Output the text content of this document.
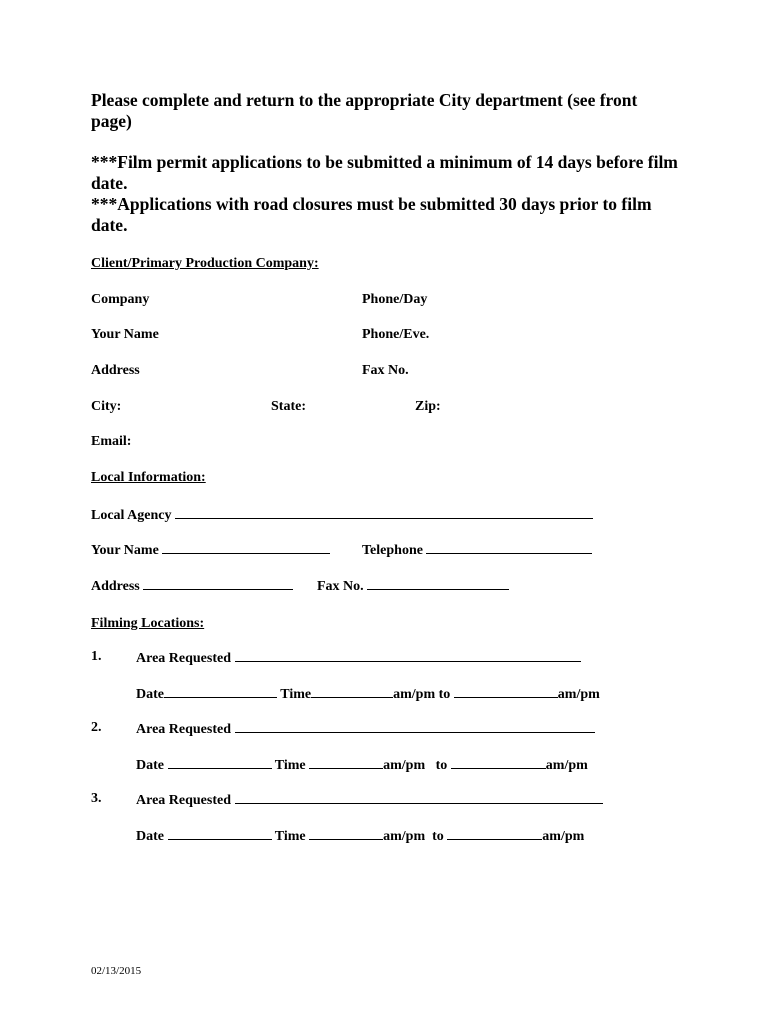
Please complete and return to the appropriate City department (see front page)
***Film permit applications to be submitted a minimum of 14 days before film date.
***Applications with road closures must be submitted 30 days prior to film date.
Client/Primary Production Company:
Company	Phone/Day
Your Name	Phone/Eve.
Address	Fax No.
City:	State:	Zip:
Email:
Local Information:
Local Agency
Your Name	Telephone
Address	Fax No.
Filming Locations:
1. Area Requested
Date	Time	am/pm to	am/pm
2. Area Requested
Date	Time	am/pm   to	am/pm
3. Area Requested
Date	Time	am/pm  to	am/pm
02/13/2015
